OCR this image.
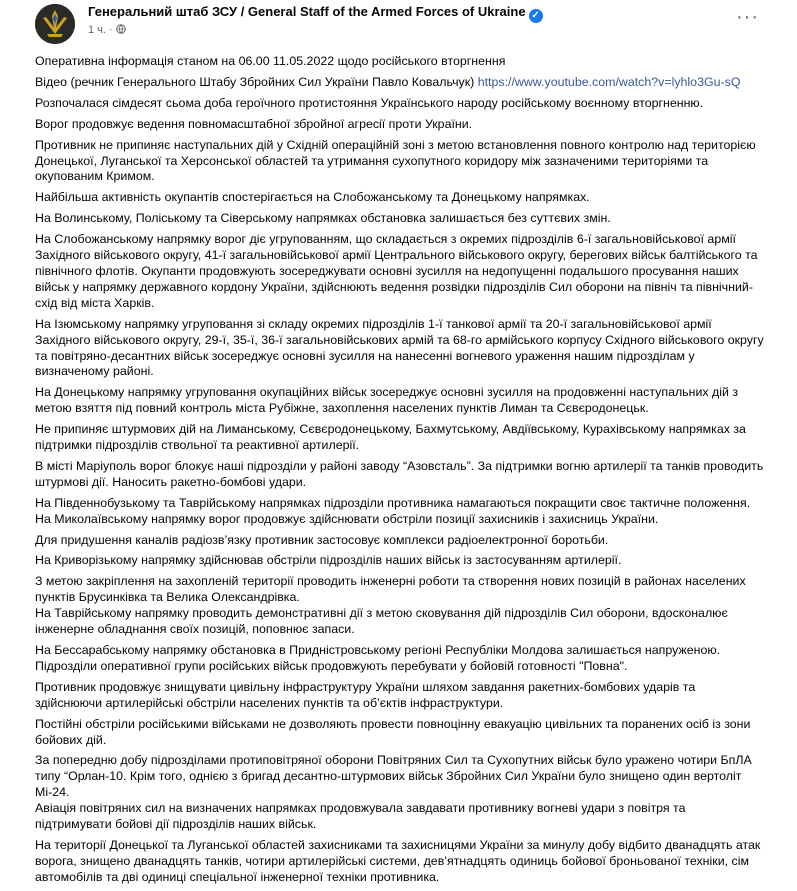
Генеральний штаб ЗСУ / General Staff of the Armed Forces of Ukraine ✓
1 ч. ·
···

Оперативна інформація станом на 06.00 11.05.2022 щодо російського вторгнення

Відео (речник Генерального Штабу Збройних Сил України Павло Ковальчук) https://www.youtube.com/watch?v=lyhlo3Gu-sQ

Розпочалася сімдесят сьома доба героїчного протистояння Українського народу російському воєнному вторгненню.

Ворог продовжує ведення повномасштабної збройної агресії проти України.

Противник не припиняє наступальних дій у Східній операційній зоні з метою встановлення повного контролю над територією Донецької, Луганської та Херсонської областей та утримання сухопутного коридору між зазначеними територіями та окупованим Кримом.

Найбільша активність окупантів спостерігається на Слобожанському та Донецькому напрямках.

На Волинському, Поліському та Сіверському напрямках обстановка залишається без суттєвих змін.

На Слобожанському напрямку ворог діє угрупованням, що складається з окремих підрозділів 6-ї загальновійськової армії Західного військового округу, 41-ї загальновійськової армії Центрального військового округу, берегових військ балтійського та північного флотів. Окупанти продовжують зосереджувати основні зусилля на недопущенні подальшого просування наших військ у напрямку державного кордону України, здійснюють ведення розвідки підрозділів Сил оборони на північ та північний-схід від міста Харків.

На Ізюмському напрямку угруповання зі складу окремих підрозділів 1-ї танкової армії та 20-ї загальновійськової армії Західного військового округу, 29-ї, 35-ї, 36-ї загальновійськових армій та 68-го армійського корпусу Східного військового округу та повітряно-десантних військ зосереджує основні зусилля на нанесенні вогневого ураження нашим підрозділам у визначеному районі.

На Донецькому напрямку угруповання окупаційних військ зосереджує основні зусилля на продовженні наступальних дій з метою взяття під повний контроль міста Рубіжне, захоплення населених пунктів Лиман та Сєвєродонецьк.

Не припиняє штурмових дій на Лиманському, Сєвєродонецькому, Бахмутському, Авдіївському, Курахівському напрямках за підтримки підрозділів ствольної та реактивної артилерії.

В місті Маріуполь ворог блокує наші підрозділи у районі заводу “Азовсталь”. За підтримки вогню артилерії та танків проводить штурмові дії. Наносить ракетно-бомбові удари.

На Південнобузькому та Таврійському напрямках підрозділи противника намагаються покращити своє тактичне положення.
На Миколаївському напрямку ворог продовжує здійснювати обстріли позиції захисників і захисниць України.

Для придушення каналів радіозв’язку противник застосовує комплекси радіоелектронної боротьби.

На Криворізькому напрямку здійснював обстріли підрозділів наших військ із застосуванням артилерії.

З метою закріплення на захопленій території проводить інженерні роботи та створення нових позицій в районах населених пунктів Брусинківка та Велика Олександрівка.
На Таврійському напрямку проводить демонстративні дії з метою сковування дій підрозділів Сил оборони, вдосконалює інженерне обладнання своїх позицій, поповнює запаси.

На Бессарабському напрямку обстановка в Придністровському регіоні Республіки Молдова залишається напруженою.
Підрозділи оперативної групи російських військ продовжують перебувати у бойовій готовності "Повна".

Противник продовжує знищувати цивільну інфраструктуру України шляхом завдання ракетних-бомбових ударів та здійснюючи артилерійські обстріли населених пунктів та об’єктів інфраструктури.

Постійні обстріли російськими військами не дозволяють провести повноцінну евакуацію цивільних та поранених осіб із зони бойових дій.

За попередню добу підрозділами протиповітряної оборони Повітряних Сил та Сухопутних військ було уражено чотири БпЛА типу “Орлан-10. Крім того, однією з бригад десантно-штурмових військ Збройних Сил України було знищено один вертоліт Мі-24.
Авіація повітряних сил на визначених напрямках продовжувала завдавати противнику вогневі удари з повітря та підтримувати бойові дії підрозділів наших військ.

На території Донецької та Луганської областей захисниками та захисницями України за минулу добу відбито дванадцять атак ворога, знищено дванадцять танків, чотири артилерійські системи, дев’ятнадцять одиниць бойової броньованої техніки, сім автомобілів та дві одиниці спеціальної інженерної техніки противника.
